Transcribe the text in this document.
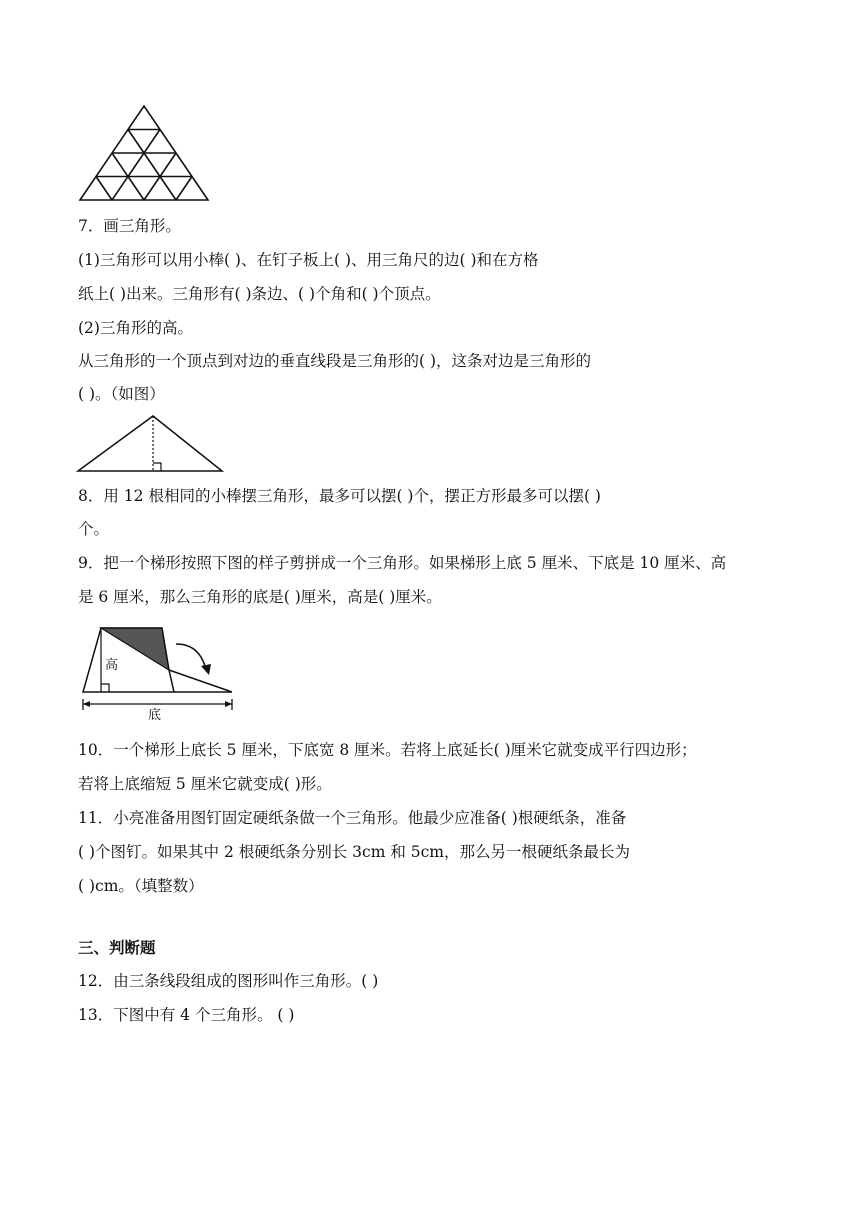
7．画三角形。
(1)三角形可以用小棒( )、在钉子板上( )、用三角尺的边( )和在方格
纸上( )出来。三角形有( )条边、( )个角和( )个顶点。
(2)三角形的高。
从三角形的一个顶点到对边的垂直线段是三角形的( )，这条对边是三角形的
( )。（如图）
8．用 12 根相同的小棒摆三角形，最多可以摆( )个，摆正方形最多可以摆( )
个。
9．把一个梯形按照下图的样子剪拼成一个三角形。如果梯形上底 5 厘米、下底是 10 厘米、高
是 6 厘米，那么三角形的底是( )厘米，高是( )厘米。
高
底
10．一个梯形上底长 5 厘米，下底宽 8 厘米。若将上底延长( )厘米它就变成平行四边形；
若将上底缩短 5 厘米它就变成( )形。
11．小亮准备用图钉固定硬纸条做一个三角形。他最少应准备( )根硬纸条，准备
( )个图钉。如果其中 2 根硬纸条分别长 3cm 和 5cm，那么另一根硬纸条最长为
( )cm。（填整数）
三、判断题
12．由三条线段组成的图形叫作三角形。( )
13．下图中有 4 个三角形。 ( )
